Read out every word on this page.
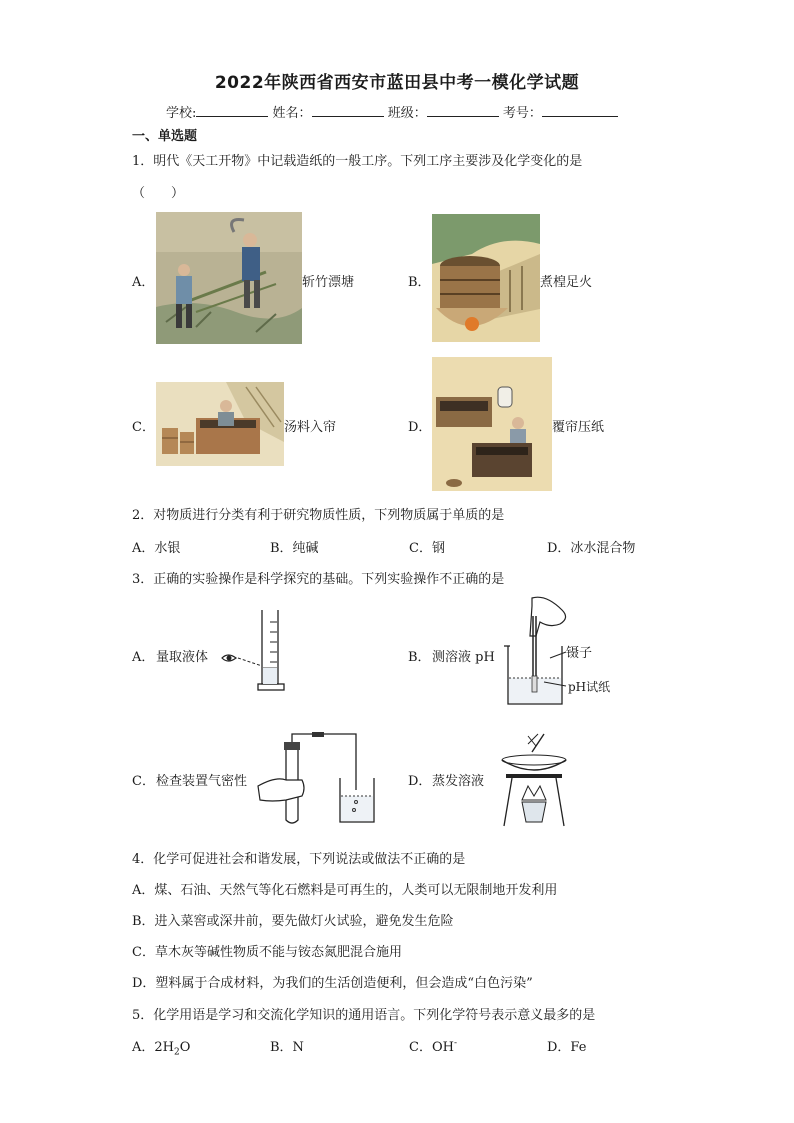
2022年陕西省西安市蓝田县中考一模化学试题
学校:	姓名：	班级：	考号：
一、单选题
1．明代《天工开物》中记载造纸的一般工序。下列工序主要涉及化学变化的是
（　　）
A．	斩竹漂塘	B．	煮楻足火
C．	汤料入帘	D．	覆帘压纸
2．对物质进行分类有利于研究物质性质，下列物质属于单质的是
A．水银	B．纯碱	C．钢	D．冰水混合物
3．正确的实验操作是科学探究的基础。下列实验操作不正确的是
A． 量取液体	B． 测溶液 pH	镊子
pH试纸
C． 检查装置气密性	D． 蒸发溶液
4．化学可促进社会和谐发展，下列说法或做法不正确的是
A．煤、石油、天然气等化石燃料是可再生的，人类可以无限制地开发利用
B．进入菜窖或深井前，要先做灯火试验，避免发生危险
C．草木灰等碱性物质不能与铵态氮肥混合施用
D．塑料属于合成材料，为我们的生活创造便利，但会造成“白色污染”
5．化学用语是学习和交流化学知识的通用语言。下列化学符号表示意义最多的是
A．$2H_2O$	B．N	C．OH-	D．Fe
